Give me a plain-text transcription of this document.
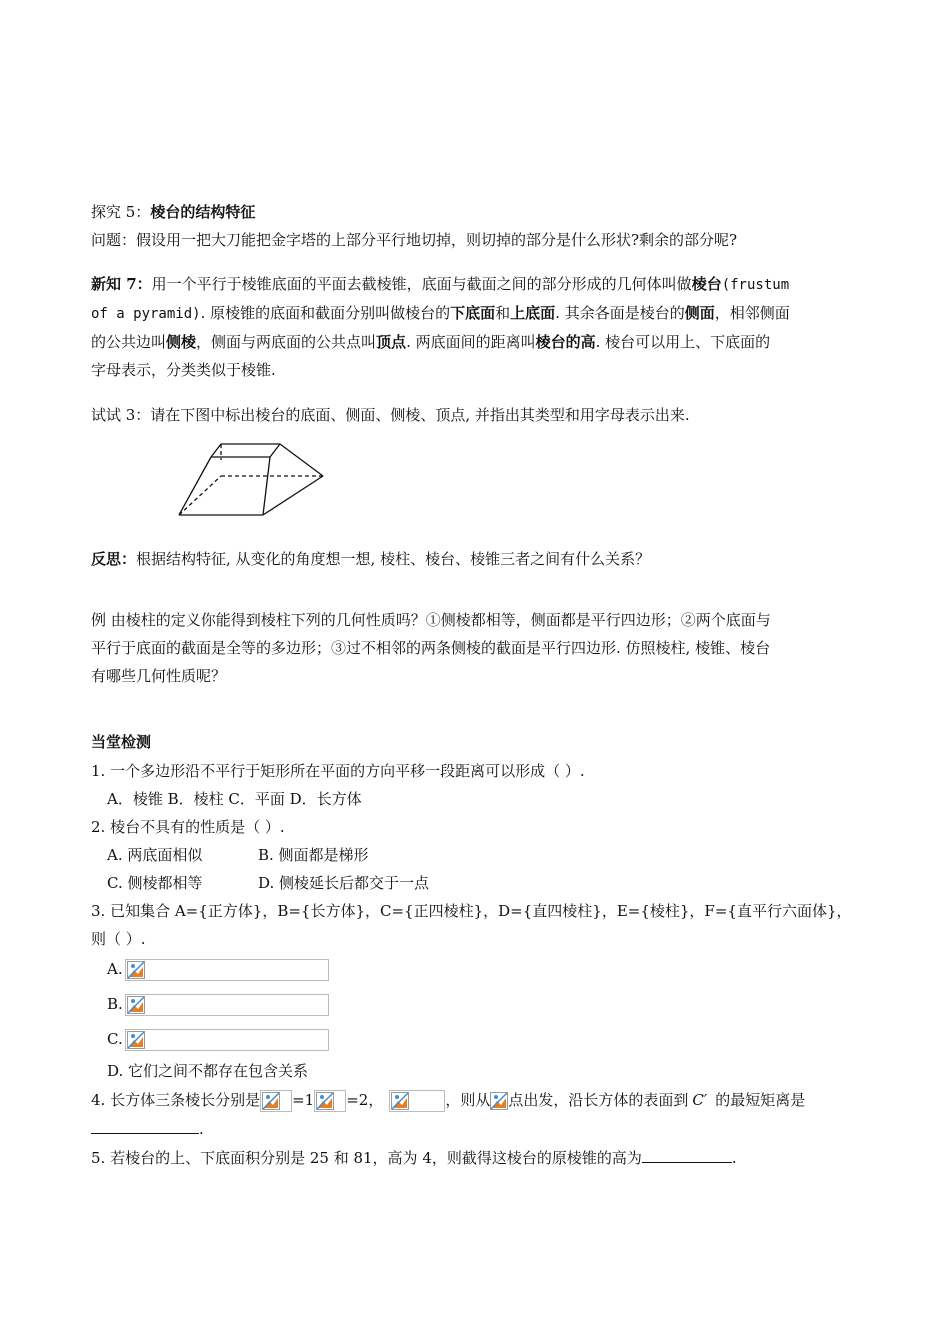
探究 5：棱台的结构特征
问题：假设用一把大刀能把金字塔的上部分平行地切掉，则切掉的部分是什么形状?剩余的部分呢?
新知 7：用一个平行于棱锥底面的平面去截棱锥，底面与截面之间的部分形成的几何体叫做棱台(frustum
of a pyramid). 原棱锥的底面和截面分别叫做棱台的下底面和上底面. 其余各面是棱台的侧面，相邻侧面
的公共边叫侧棱，侧面与两底面的公共点叫顶点. 两底面间的距离叫棱台的高. 棱台可以用上、下底面的
字母表示，分类类似于棱锥.
试试 3：请在下图中标出棱台的底面、侧面、侧棱、顶点, 并指出其类型和用字母表示出来.
反思：根据结构特征, 从变化的角度想一想, 棱柱、棱台、棱锥三者之间有什么关系？
例 由棱柱的定义你能得到棱柱下列的几何性质吗？①侧棱都相等，侧面都是平行四边形；②两个底面与
平行于底面的截面是全等的多边形；③过不相邻的两条侧棱的截面是平行四边形. 仿照棱柱, 棱锥、棱台
有哪些几何性质呢？
当堂检测
1. 一个多边形沿不平行于矩形所在平面的方向平移一段距离可以形成（ ）.
A．棱锥 B．棱柱 C．平面 D．长方体
2. 棱台不具有的性质是（ ）.
A. 两底面相似	B. 侧面都是梯形
C. 侧棱都相等	D. 侧棱延长后都交于一点
3. 已知集合 A={正方体}，B={长方体}，C={正四棱柱}，D={直四棱柱}，E={棱柱}，F={直平行六面体}，
则（ ）.
A.
B.
C.
D. 它们之间不都存在包含关系
4. 长方体三条棱长分别是 =1 =2，	，则从 点出发，沿长方体的表面到 C′ 的最短矩离是
.
5. 若棱台的上、下底面积分别是 25 和 81，高为 4，则截得这棱台的原棱锥的高为	.
